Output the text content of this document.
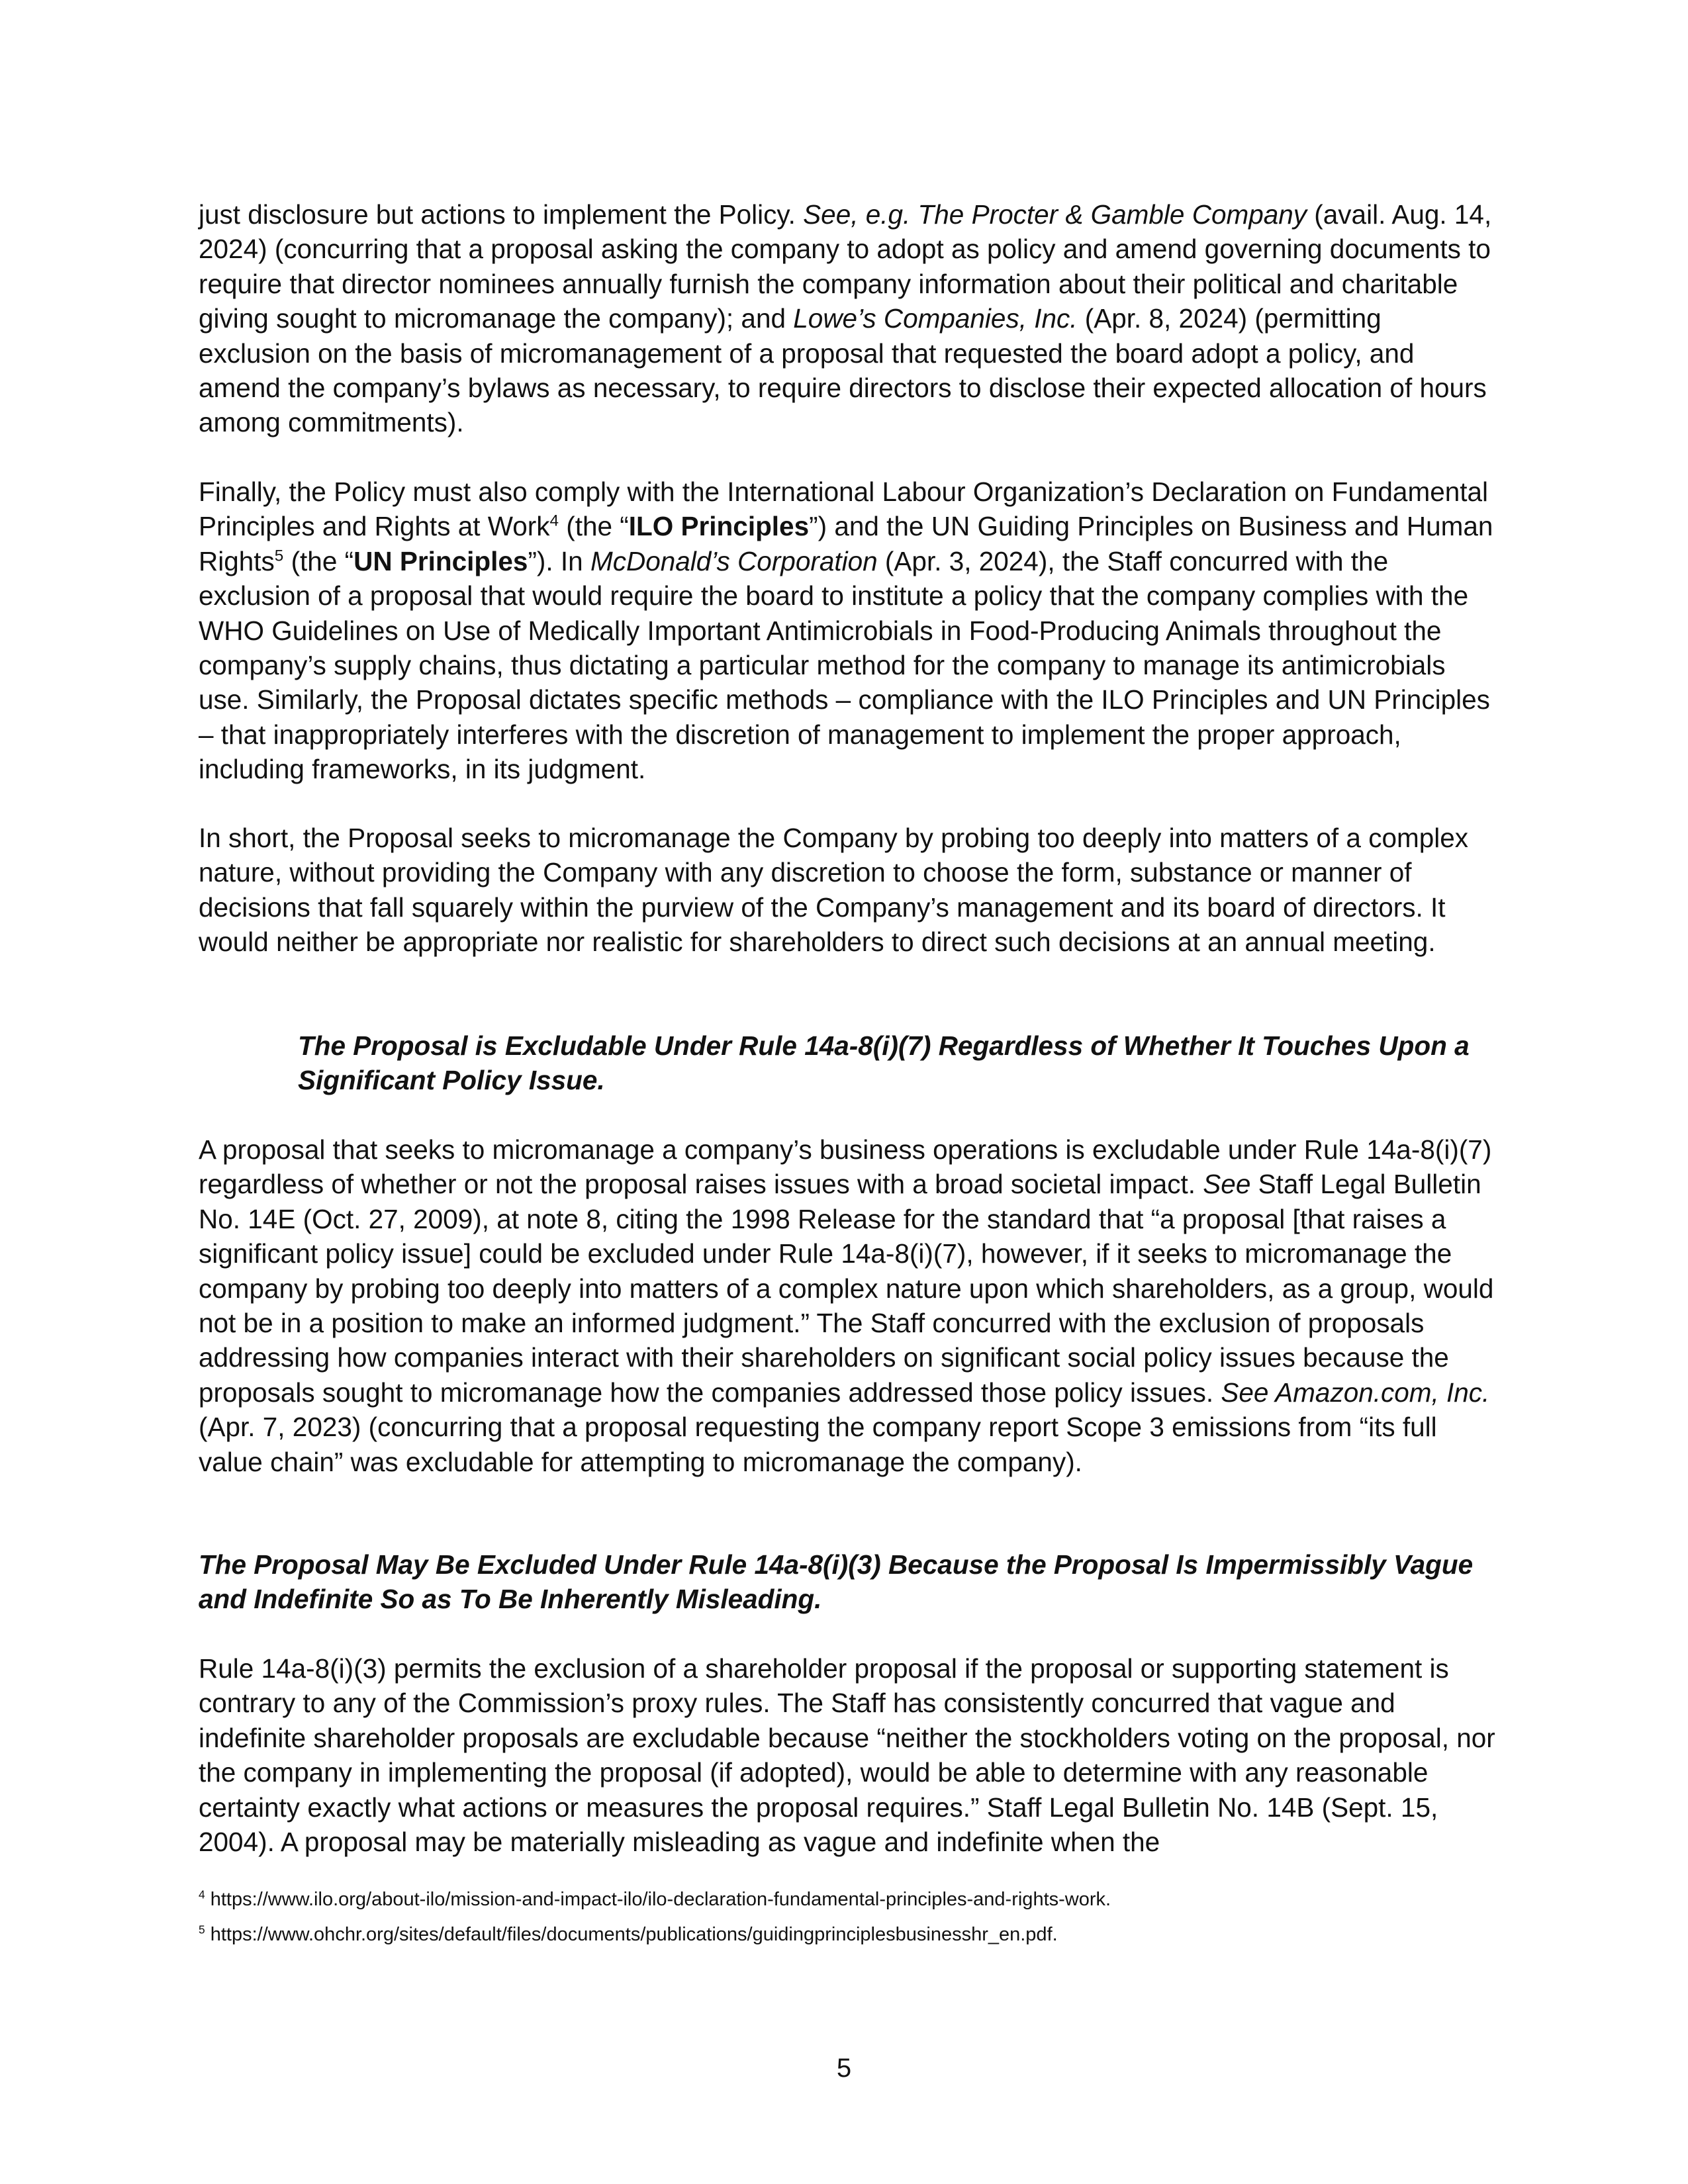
just disclosure but actions to implement the Policy. See, e.g. The Procter & Gamble Company (avail. Aug. 14, 2024) (concurring that a proposal asking the company to adopt as policy and amend governing documents to require that director nominees annually furnish the company information about their political and charitable giving sought to micromanage the company); and Lowe’s Companies, Inc. (Apr. 8, 2024) (permitting exclusion on the basis of micromanagement of a proposal that requested the board adopt a policy, and amend the company’s bylaws as necessary, to require directors to disclose their expected allocation of hours among commitments).

Finally, the Policy must also comply with the International Labour Organization’s Declaration on Fundamental Principles and Rights at Work$^4$ (the “ILO Principles”) and the UN Guiding Principles on Business and Human Rights$^5$ (the “UN Principles”). In McDonald’s Corporation (Apr. 3, 2024), the Staff concurred with the exclusion of a proposal that would require the board to institute a policy that the company complies with the WHO Guidelines on Use of Medically Important Antimicrobials in Food-Producing Animals throughout the company’s supply chains, thus dictating a particular method for the company to manage its antimicrobials use. Similarly, the Proposal dictates specific methods – compliance with the ILO Principles and UN Principles – that inappropriately interferes with the discretion of management to implement the proper approach, including frameworks, in its judgment.

In short, the Proposal seeks to micromanage the Company by probing too deeply into matters of a complex nature, without providing the Company with any discretion to choose the form, substance or manner of decisions that fall squarely within the purview of the Company’s management and its board of directors. It would neither be appropriate nor realistic for shareholders to direct such decisions at an annual meeting.

The Proposal is Excludable Under Rule 14a-8(i)(7) Regardless of Whether It Touches Upon a Significant Policy Issue.

A proposal that seeks to micromanage a company’s business operations is excludable under Rule 14a-8(i)(7) regardless of whether or not the proposal raises issues with a broad societal impact. See Staff Legal Bulletin No. 14E (Oct. 27, 2009), at note 8, citing the 1998 Release for the standard that “a proposal [that raises a significant policy issue] could be excluded under Rule 14a-8(i)(7), however, if it seeks to micromanage the company by probing too deeply into matters of a complex nature upon which shareholders, as a group, would not be in a position to make an informed judgment.” The Staff concurred with the exclusion of proposals addressing how companies interact with their shareholders on significant social policy issues because the proposals sought to micromanage how the companies addressed those policy issues. See Amazon.com, Inc. (Apr. 7, 2023) (concurring that a proposal requesting the company report Scope 3 emissions from “its full value chain” was excludable for attempting to micromanage the company).

The Proposal May Be Excluded Under Rule 14a-8(i)(3) Because the Proposal Is Impermissibly Vague and Indefinite So as To Be Inherently Misleading.

Rule 14a-8(i)(3) permits the exclusion of a shareholder proposal if the proposal or supporting statement is contrary to any of the Commission’s proxy rules. The Staff has consistently concurred that vague and indefinite shareholder proposals are excludable because “neither the stockholders voting on the proposal, nor the company in implementing the proposal (if adopted), would be able to determine with any reasonable certainty exactly what actions or measures the proposal requires.” Staff Legal Bulletin No. 14B (Sept. 15, 2004). A proposal may be materially misleading as vague and indefinite when the

$^4$ https://www.ilo.org/about-ilo/mission-and-impact-ilo/ilo-declaration-fundamental-principles-and-rights-work.

$^5$ https://www.ohchr.org/sites/default/files/documents/publications/guidingprinciplesbusinesshr_en.pdf.

5
